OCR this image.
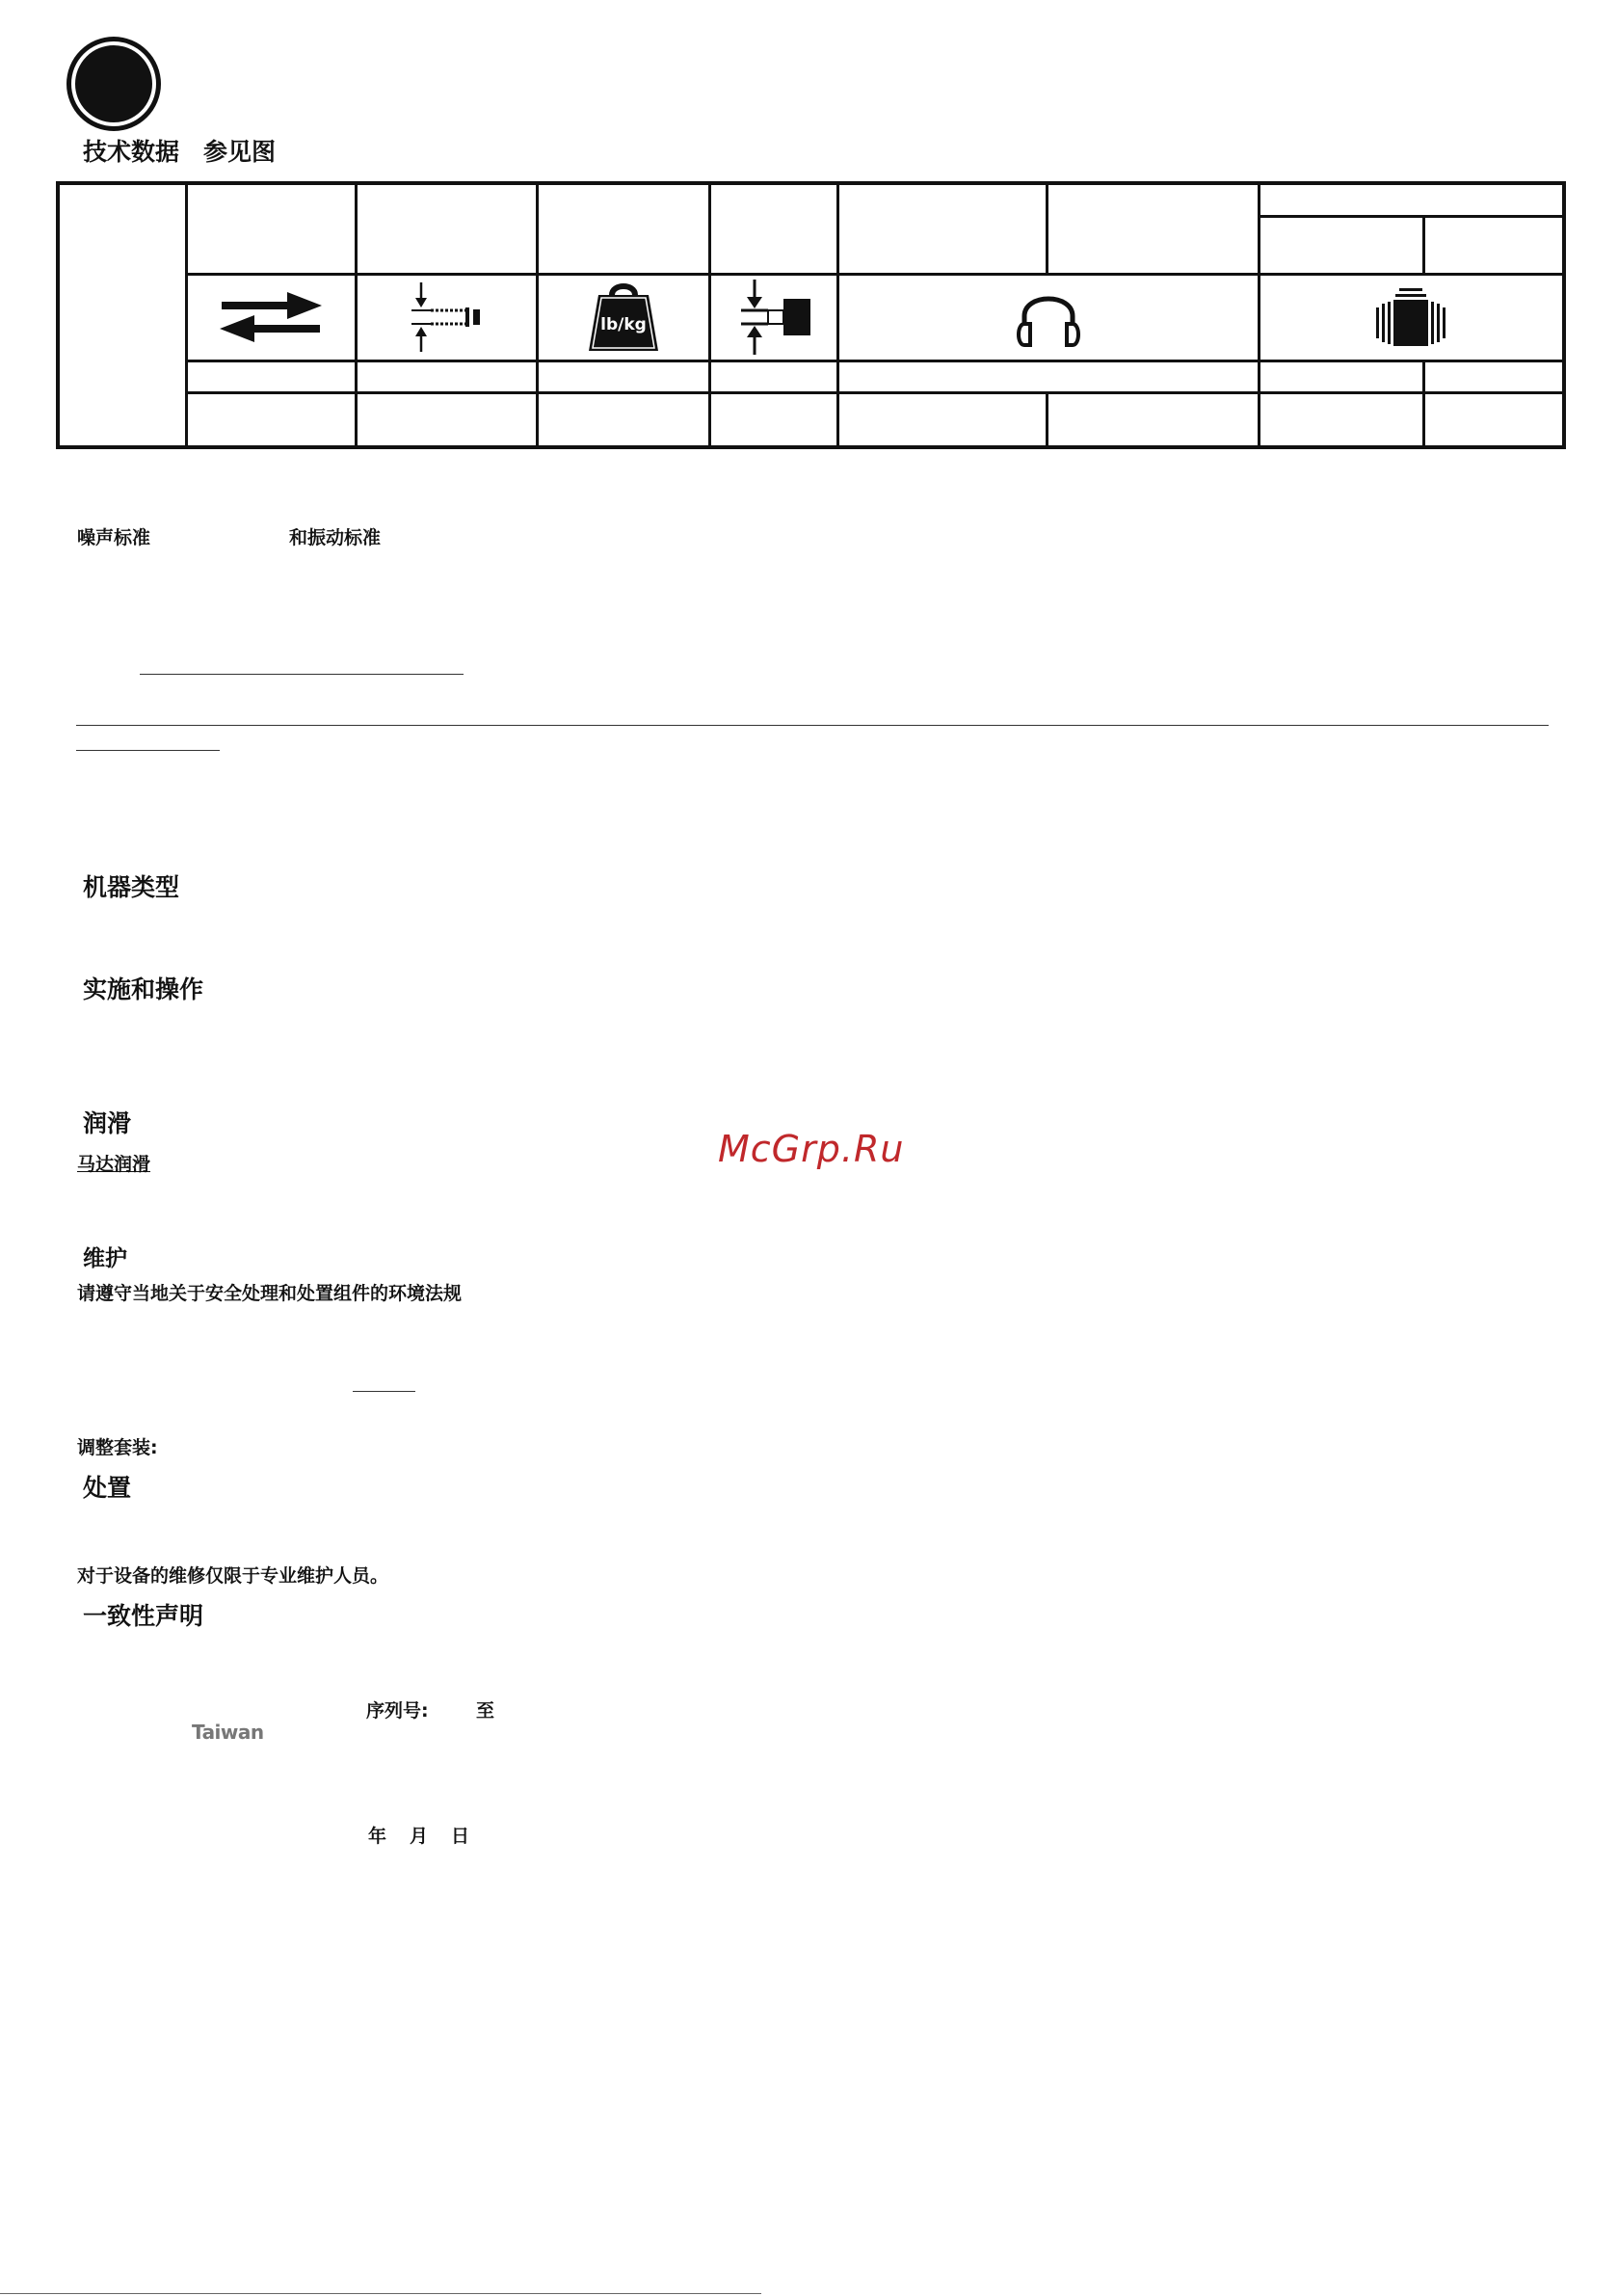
技术数据　参见图

lb/kg

噪声标准	和振动标准
机器类型
实施和操作
润滑
马达润滑	McGrp.Ru
维护
请遵守当地关于安全处理和处置组件的环境法规
调整套装:
处置
对于设备的维修仅限于专业维护人员。
一致性声明
序列号:	至
Taiwan
年 月 日
